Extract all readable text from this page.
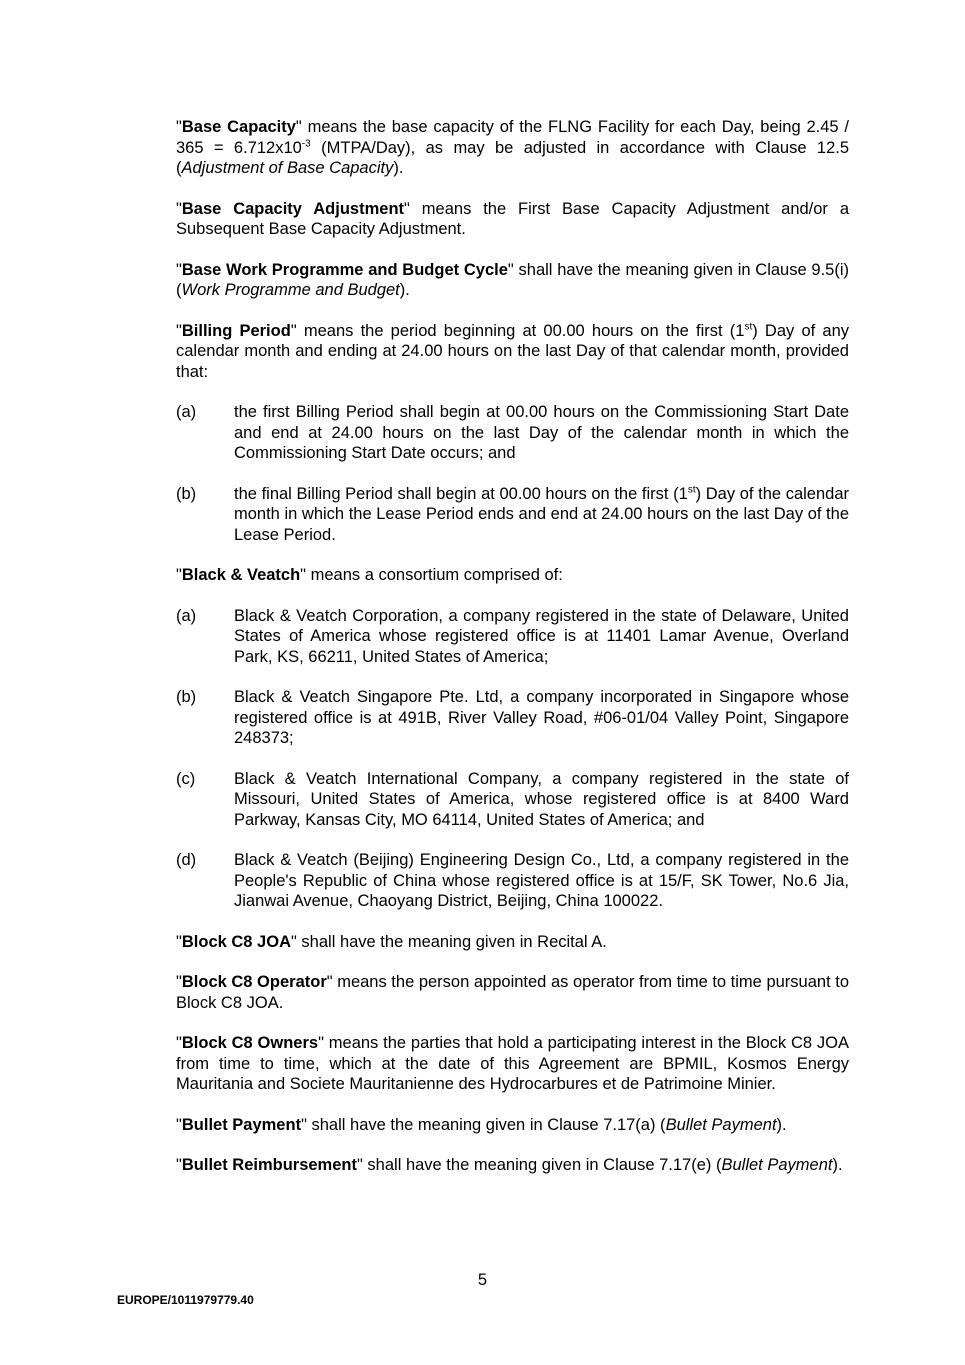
"Base Capacity" means the base capacity of the FLNG Facility for each Day, being $2.45 / 365 = 6.712x10^{-3}$ (MTPA/Day), as may be adjusted in accordance with Clause 12.5 (Adjustment of Base Capacity).

"Base Capacity Adjustment" means the First Base Capacity Adjustment and/or a Subsequent Base Capacity Adjustment.

"Base Work Programme and Budget Cycle" shall have the meaning given in Clause 9.5(i) (Work Programme and Budget).

"Billing Period" means the period beginning at 00.00 hours on the first (1st) Day of any calendar month and ending at 24.00 hours on the last Day of that calendar month, provided that:

(a) the first Billing Period shall begin at 00.00 hours on the Commissioning Start Date and end at 24.00 hours on the last Day of the calendar month in which the Commissioning Start Date occurs; and
(b) the final Billing Period shall begin at 00.00 hours on the first (1st) Day of the calendar month in which the Lease Period ends and end at 24.00 hours on the last Day of the Lease Period.

"Black & Veatch" means a consortium comprised of:

(a) Black & Veatch Corporation, a company registered in the state of Delaware, United States of America whose registered office is at 11401 Lamar Avenue, Overland Park, KS, 66211, United States of America;
(b) Black & Veatch Singapore Pte. Ltd, a company incorporated in Singapore whose registered office is at 491B, River Valley Road, #06-01/04 Valley Point, Singapore 248373;
(c) Black & Veatch International Company, a company registered in the state of Missouri, United States of America, whose registered office is at 8400 Ward Parkway, Kansas City, MO 64114, United States of America; and
(d) Black & Veatch (Beijing) Engineering Design Co., Ltd, a company registered in the People's Republic of China whose registered office is at 15/F, SK Tower, No.6 Jia, Jianwai Avenue, Chaoyang District, Beijing, China 100022.

"Block C8 JOA" shall have the meaning given in Recital A.

"Block C8 Operator" means the person appointed as operator from time to time pursuant to Block C8 JOA.

"Block C8 Owners" means the parties that hold a participating interest in the Block C8 JOA from time to time, which at the date of this Agreement are BPMIL, Kosmos Energy Mauritania and Societe Mauritanienne des Hydrocarbures et de Patrimoine Minier.

"Bullet Payment" shall have the meaning given in Clause 7.17(a) (Bullet Payment).

"Bullet Reimbursement" shall have the meaning given in Clause 7.17(e) (Bullet Payment).

5
EUROPE/1011979779.40
